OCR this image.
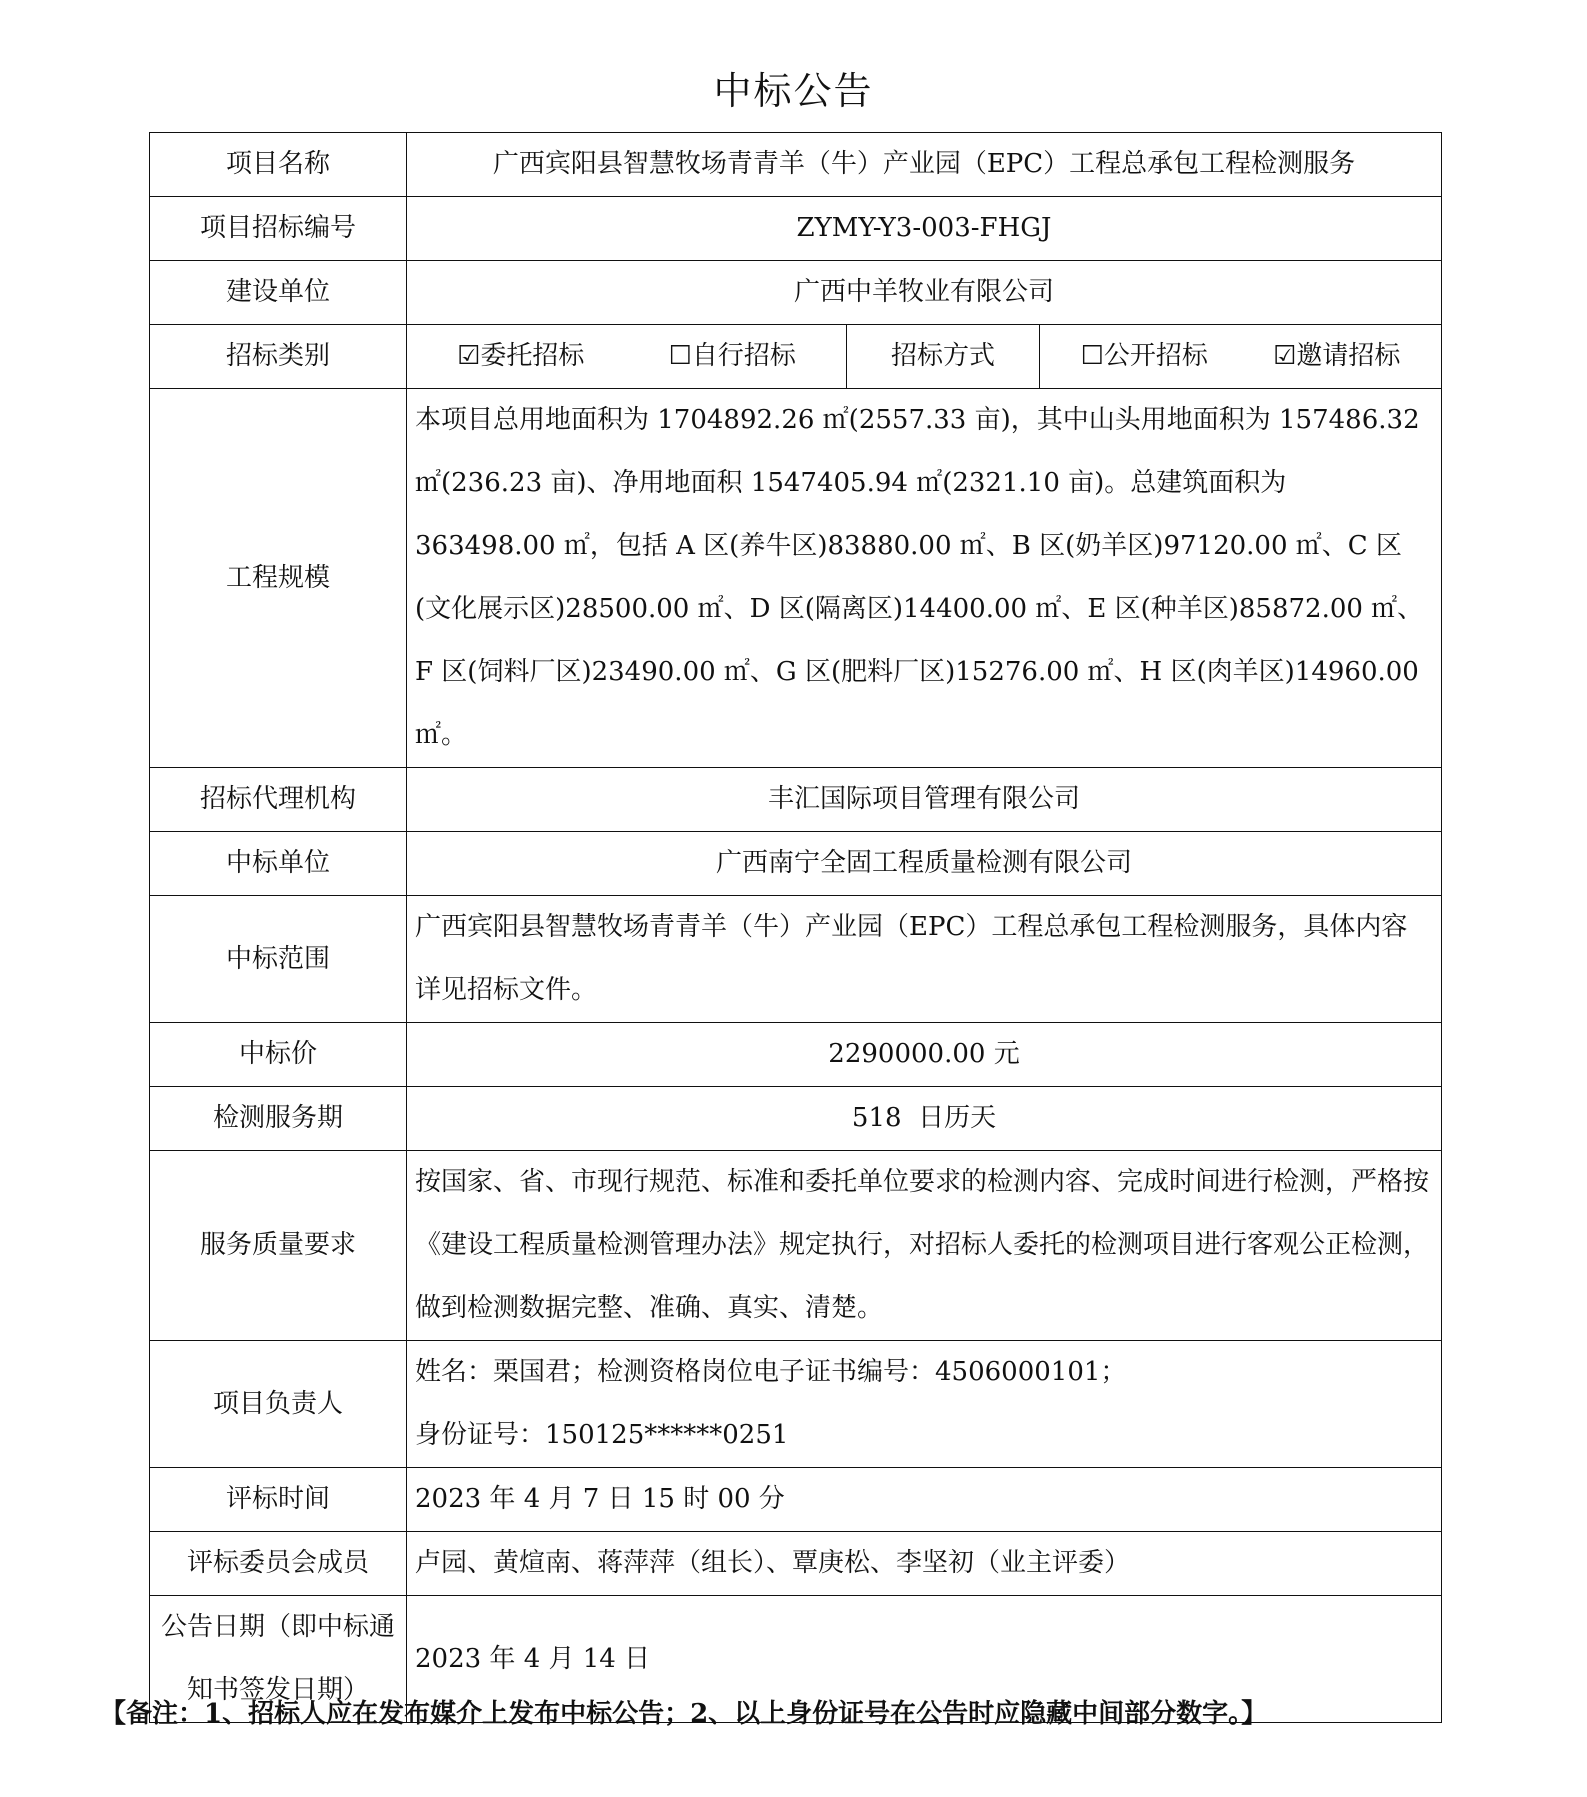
中标公告
项目名称	广西宾阳县智慧牧场青青羊（牛）产业园（EPC）工程总承包工程检测服务		
项目招标编号	ZYMY-Y3-003-FHGJ		
建设单位	广西中羊牧业有限公司		
招标类别	☑委托招标 ☐自行招标	招标方式	☐公开招标 ☑邀请招标

工程规模	本项目总用地面积为 1704892.26 ㎡(2557.33 亩)，其中山头用地面积为 157486.32 ㎡(236.23 亩)、净用地面积 1547405.94 ㎡(2321.10 亩)。总建筑面积为 363498.00 ㎡，包括 A 区(养牛区)83880.00 ㎡、B 区(奶羊区)97120.00 ㎡、C 区(文化展示区)28500.00 ㎡、D 区(隔离区)14400.00 ㎡、E 区(种羊区)85872.00 ㎡、F 区(饲料厂区)23490.00 ㎡、G 区(肥料厂区)15276.00 ㎡、H 区(肉羊区)14960.00 ㎡。		
招标代理机构	丰汇国际项目管理有限公司		
中标单位	广西南宁全固工程质量检测有限公司		
中标范围	广西宾阳县智慧牧场青青羊（牛）产业园（EPC）工程总承包工程检测服务，具体内容详见招标文件。		
中标价	2290000.00 元		
检测服务期	518  日历天		
服务质量要求	按国家、省、市现行规范、标准和委托单位要求的检测内容、完成时间进行检测，严格按《建设工程质量检测管理办法》规定执行，对招标人委托的检测项目进行客观公正检测，做到检测数据完整、准确、真实、清楚。		
项目负责人	姓名：栗国君；检测资格岗位电子证书编号：4506000101；
身份证号：150125******0251		

评标时间	2023 年 4 月 7 日 15 时 00 分		
评标委员会成员	卢园、黄煊南、蒋萍萍（组长）、覃庚松、李坚初（业主评委）		
公告日期（即中标通知书签发日期）	2023 年 4 月 14 日		
【备注：1、招标人应在发布媒介上发布中标公告；2、以上身份证号在公告时应隐藏中间部分数字。】
